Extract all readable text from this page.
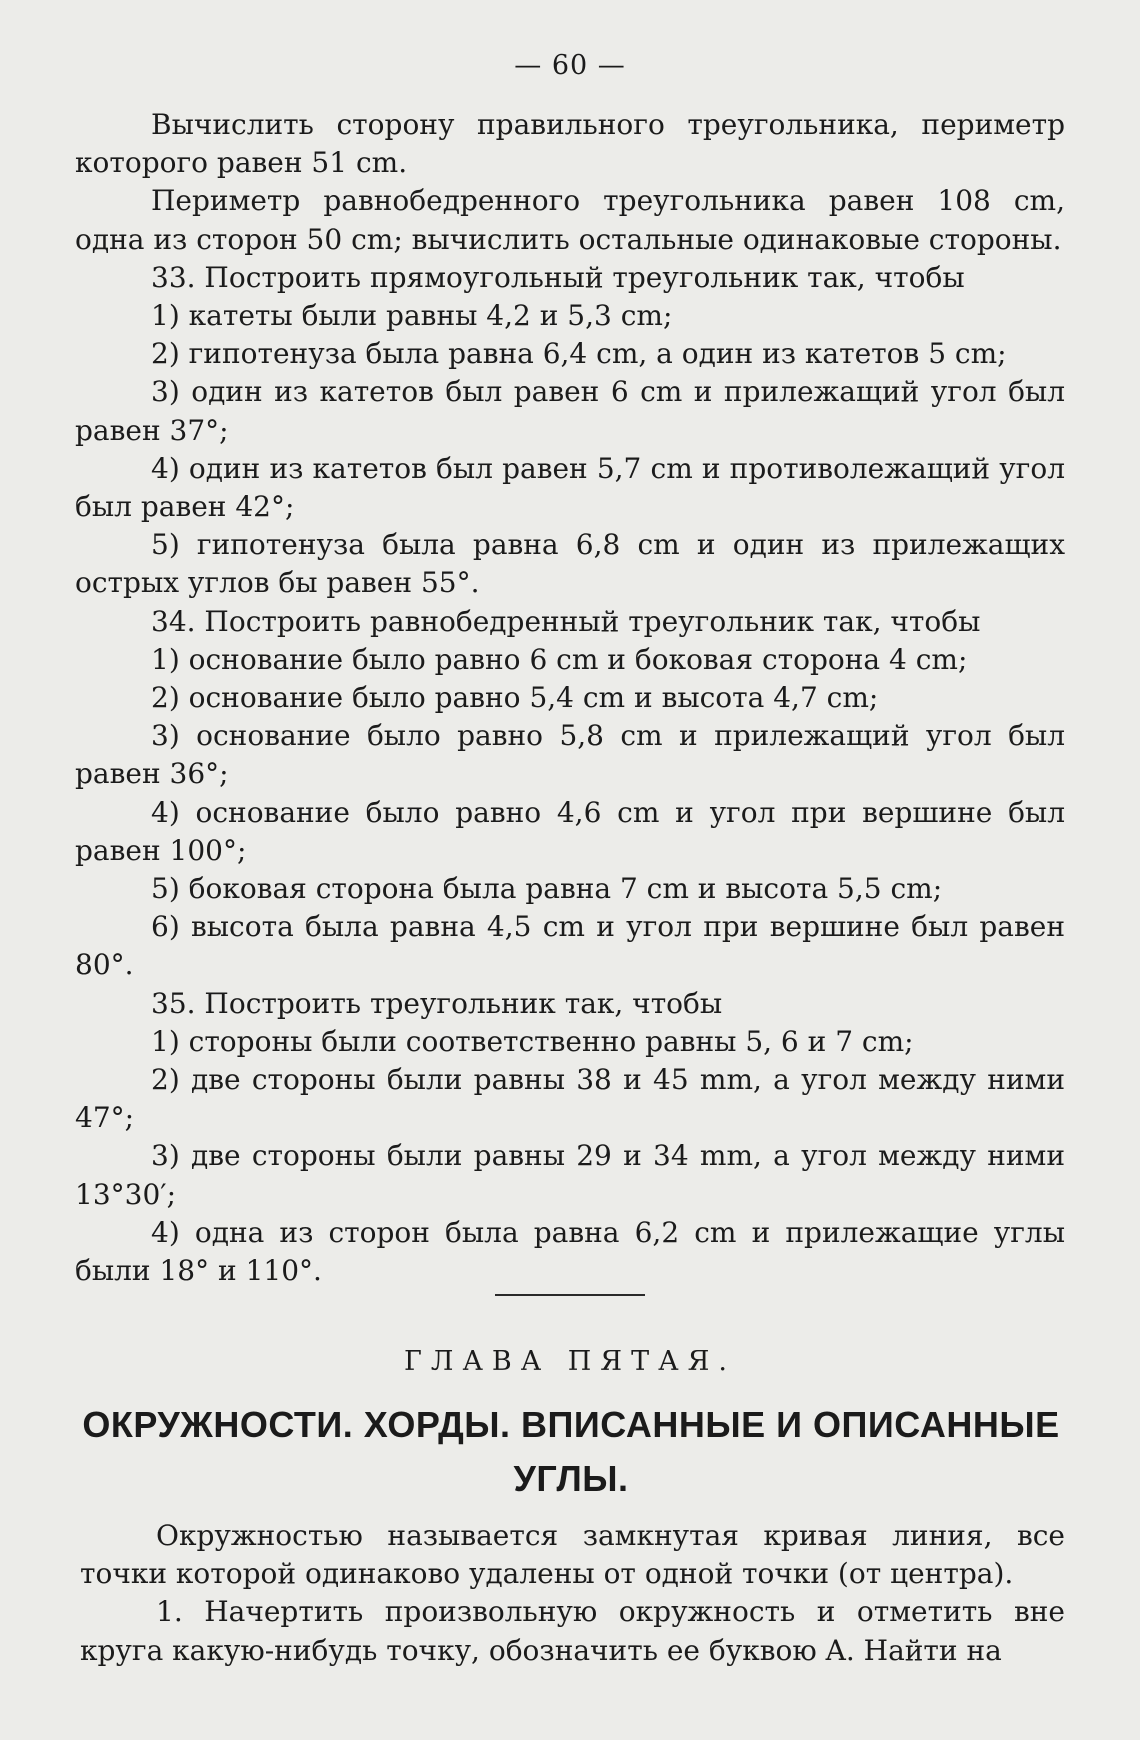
— 60 —

Вычислить сторону правильного треугольника, периметр которого равен 51 cm.

Периметр равнобедренного треугольника равен 108 cm, одна из сторон 50 cm; вычислить остальные одинаковые стороны.

33. Построить прямоугольный треугольник так, чтобы

1) катеты были равны 4,2 и 5,3 cm;

2) гипотенуза была равна 6,4 cm, а один из катетов 5 cm;

3) один из катетов был равен 6 cm и прилежащий угол был равен 37°;

4) один из катетов был равен 5,7 cm и противолежащий угол был равен 42°;

5) гипотенуза была равна 6,8 cm и один из прилежащих острых углов бы равен 55°.

34. Построить равнобедренный треугольник так, чтобы

1) основание было равно 6 cm и боковая сторона 4 cm;

2) основание было равно 5,4 cm и высота 4,7 cm;

3) основание было равно 5,8 cm и прилежащий угол был равен 36°;

4) основание было равно 4,6 cm и угол при вершине был равен 100°;

5) боковая сторона была равна 7 cm и высота 5,5 cm;

6) высота была равна 4,5 cm и угол при вершине был равен 80°.

35. Построить треугольник так, чтобы

1) стороны были соответственно равны 5, 6 и 7 cm;

2) две стороны были равны 38 и 45 mm, а угол между ними 47°;

3) две стороны были равны 29 и 34 mm, а угол между ними 13°30′;

4) одна из сторон была равна 6,2 cm и прилежащие углы были 18° и 110°.

ГЛАВА ПЯТАЯ.
ОКРУЖНОСТИ. ХОРДЫ. ВПИСАННЫЕ И ОПИСАННЫЕ УГЛЫ.

Окружностью называется замкнутая кривая линия, все точки которой одинаково удалены от одной точки (от центра).

1. Начертить произвольную окружность и отметить вне круга какую-нибудь точку, обозначить ее буквою A. Найти на
